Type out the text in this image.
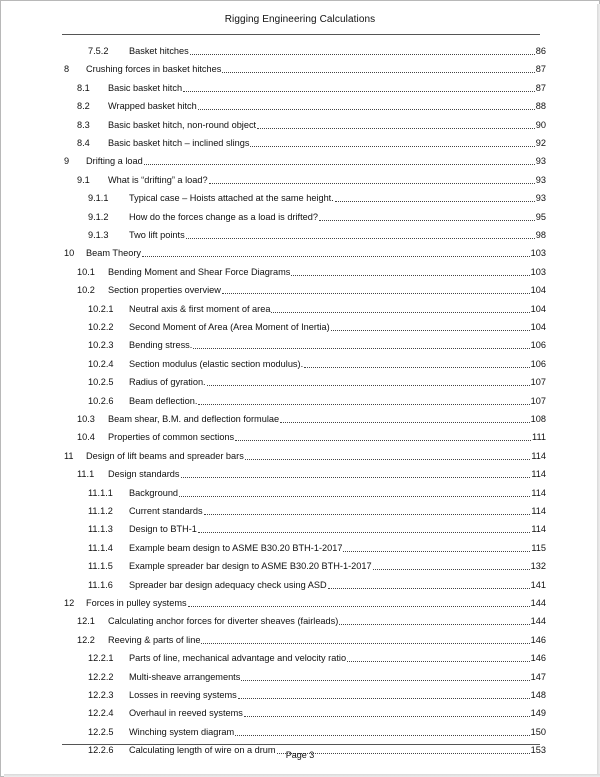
Rigging Engineering Calculations
7.5.2	Basket hitches	86
8	Crushing forces in basket hitches	87
8.1	Basic basket hitch	87
8.2	Wrapped basket hitch	88
8.3	Basic basket hitch, non-round object	90
8.4	Basic basket hitch – inclined slings	92
9	Drifting a load	93
9.1	What is “drifting” a load?	93
9.1.1	Typical case – Hoists attached at the same height.	93
9.1.2	How do the forces change as a load is drifted?	95
9.1.3	Two lift points	98
10	Beam Theory	103
10.1	Bending Moment and Shear Force Diagrams	103
10.2	Section properties overview	104
10.2.1	Neutral axis & first moment of area	104
10.2.2	Second Moment of Area (Area Moment of Inertia)	104
10.2.3	Bending stress.	106
10.2.4	Section modulus (elastic section modulus).	106
10.2.5	Radius of gyration.	107
10.2.6	Beam deflection.	107
10.3	Beam shear, B.M. and deflection formulae	108
10.4	Properties of common sections	111
11	Design of lift beams and spreader bars	114
11.1	Design standards	114
11.1.1	Background	114
11.1.2	Current standards	114
11.1.3	Design to BTH-1	114
11.1.4	Example beam design to ASME B30.20 BTH-1-2017	115
11.1.5	Example spreader bar design to ASME B30.20 BTH-1-2017	132
11.1.6	Spreader bar design adequacy check using ASD	141
12	Forces in pulley systems	144
12.1	Calculating anchor forces for diverter sheaves (fairleads)	144
12.2	Reeving & parts of line	146
12.2.1	Parts of line, mechanical advantage and velocity ratio	146
12.2.2	Multi-sheave arrangements	147
12.2.3	Losses in reeving systems	148
12.2.4	Overhaul in reeved systems	149
12.2.5	Winching system diagram	150
12.2.6	Calculating length of wire on a drum	153
Page 3
